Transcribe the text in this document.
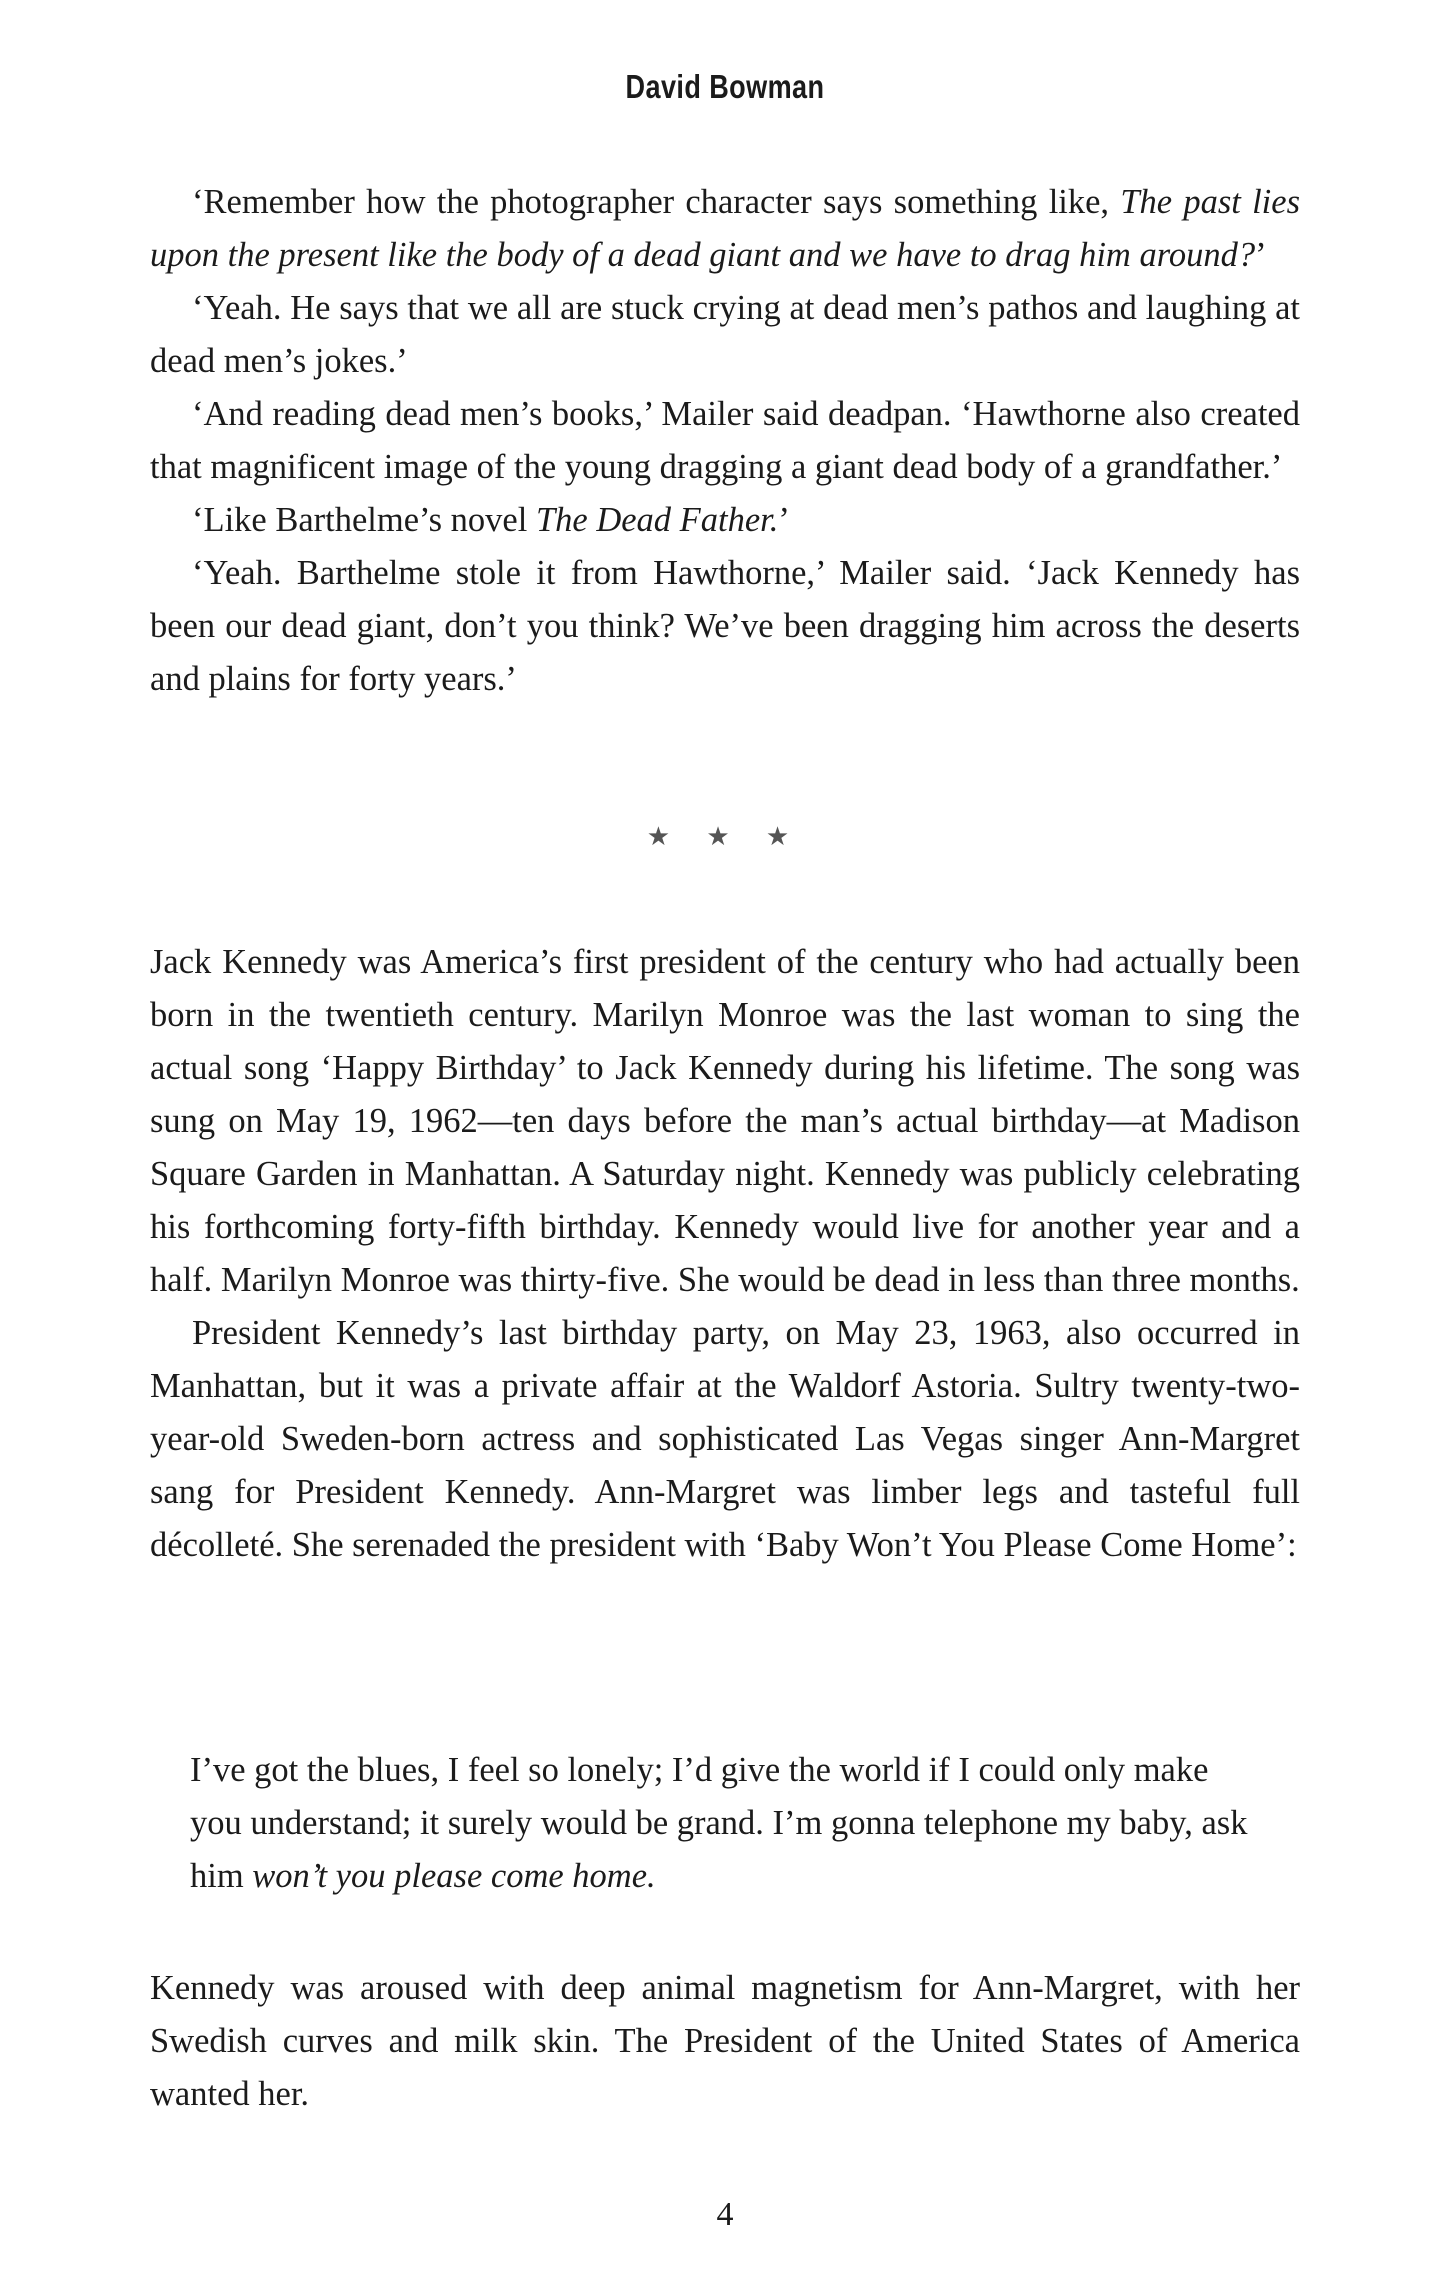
David Bowman

‘Remember how the photographer character says something like, The past lies upon the present like the body of a dead giant and we have to drag him around?’

‘Yeah. He says that we all are stuck crying at dead men’s pathos and laughing at dead men’s jokes.’

‘And reading dead men’s books,’ Mailer said deadpan. ‘Hawthorne also created that magnificent image of the young dragging a giant dead body of a grandfather.’

‘Like Barthelme’s novel The Dead Father.’

‘Yeah. Barthelme stole it from Hawthorne,’ Mailer said. ‘Jack Kennedy has been our dead giant, don’t you think? We’ve been dragging him across the deserts and plains for forty years.’

★ ★ ★

Jack Kennedy was America’s first president of the century who had actually been born in the twentieth century. Marilyn Monroe was the last woman to sing the actual song ‘Happy Birthday’ to Jack Kennedy during his lifetime. The song was sung on May 19, 1962—ten days before the man’s actual birthday—at Madison Square Garden in Manhattan. A Saturday night. Kennedy was publicly celebrating his forthcoming forty-fifth birthday. Kennedy would live for another year and a half. Marilyn Monroe was thirty-five. She would be dead in less than three months.

President Kennedy’s last birthday party, on May 23, 1963, also occurred in Manhattan, but it was a private affair at the Waldorf Astoria. Sultry twenty-two-year-old Sweden-born actress and sophisticated Las Vegas singer Ann-Margret sang for President Kennedy. Ann-Margret was limber legs and tasteful full décolleté. She serenaded the president with ‘Baby Won’t You Please Come Home’:

I’ve got the blues, I feel so lonely; I’d give the world if I could only make you understand; it surely would be grand. I’m gonna telephone my baby, ask him won’t you please come home.

Kennedy was aroused with deep animal magnetism for Ann-Margret, with her Swedish curves and milk skin. The President of the United States of America wanted her.

4
